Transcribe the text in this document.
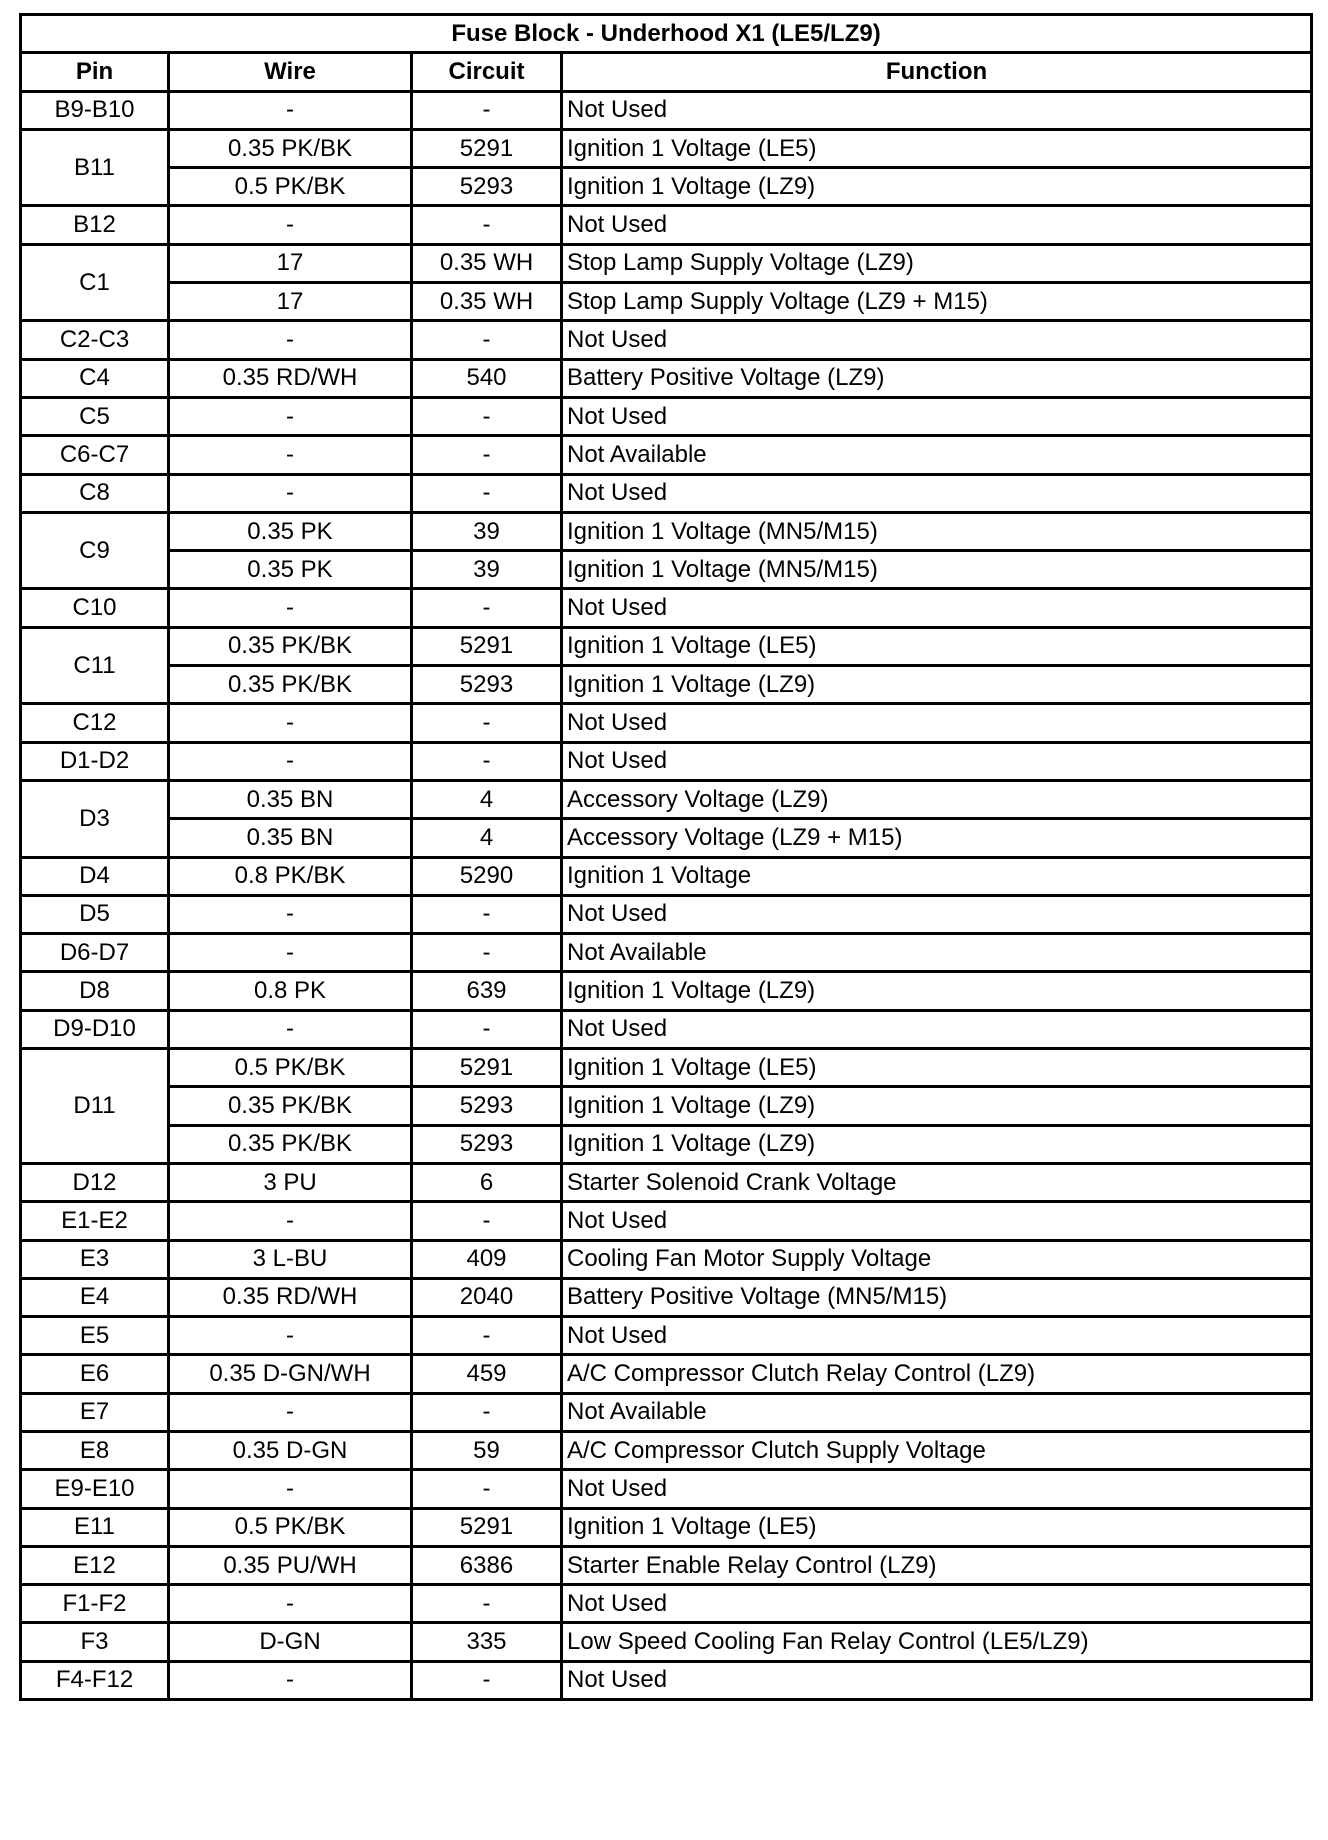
Fuse Block - Underhood X1 (LE5/LZ9)			
Pin	Wire	Circuit	Function
B9-B10	-	-	Not Used
B11	0.35 PK/BK	5291	Ignition 1 Voltage (LE5)
	0.5 PK/BK	5293	Ignition 1 Voltage (LZ9)
B12	-	-	Not Used
C1	17	0.35 WH	Stop Lamp Supply Voltage (LZ9)
	17	0.35 WH	Stop Lamp Supply Voltage (LZ9 + M15)
C2-C3	-	-	Not Used
C4	0.35 RD/WH	540	Battery Positive Voltage (LZ9)
C5	-	-	Not Used
C6-C7	-	-	Not Available
C8	-	-	Not Used
C9	0.35 PK	39	Ignition 1 Voltage (MN5/M15)
	0.35 PK	39	Ignition 1 Voltage (MN5/M15)
C10	-	-	Not Used
C11	0.35 PK/BK	5291	Ignition 1 Voltage (LE5)
	0.35 PK/BK	5293	Ignition 1 Voltage (LZ9)
C12	-	-	Not Used
D1-D2	-	-	Not Used
D3	0.35 BN	4	Accessory Voltage (LZ9)
	0.35 BN	4	Accessory Voltage (LZ9 + M15)
D4	0.8 PK/BK	5290	Ignition 1 Voltage
D5	-	-	Not Used
D6-D7	-	-	Not Available
D8	0.8 PK	639	Ignition 1 Voltage (LZ9)
D9-D10	-	-	Not Used
D11	0.5 PK/BK	5291	Ignition 1 Voltage (LE5)
	0.35 PK/BK	5293	Ignition 1 Voltage (LZ9)
	0.35 PK/BK	5293	Ignition 1 Voltage (LZ9)
D12	3 PU	6	Starter Solenoid Crank Voltage
E1-E2	-	-	Not Used
E3	3 L-BU	409	Cooling Fan Motor Supply Voltage
E4	0.35 RD/WH	2040	Battery Positive Voltage (MN5/M15)
E5	-	-	Not Used
E6	0.35 D-GN/WH	459	A/C Compressor Clutch Relay Control (LZ9)
E7	-	-	Not Available
E8	0.35 D-GN	59	A/C Compressor Clutch Supply Voltage
E9-E10	-	-	Not Used
E11	0.5 PK/BK	5291	Ignition 1 Voltage (LE5)
E12	0.35 PU/WH	6386	Starter Enable Relay Control (LZ9)
F1-F2	-	-	Not Used
F3	D-GN	335	Low Speed Cooling Fan Relay Control (LE5/LZ9)
F4-F12	-	-	Not Used
